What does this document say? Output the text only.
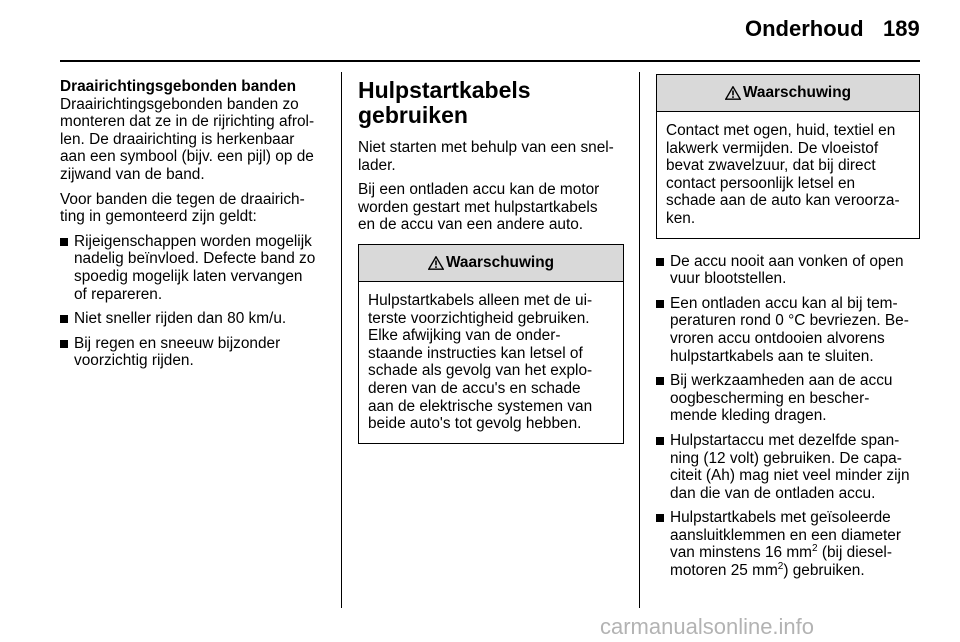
Onderhoud 189

Draairichtingsgebonden banden

Draairichtingsgebonden banden zo
monteren dat ze in de rijrichting afrol-
len. De draairichting is herkenbaar
aan een symbool (bijv. een pijl) op de
zijwand van de band.

Voor banden die tegen de draairich-
ting in gemonteerd zijn geldt:

Rijeigenschappen worden mogelijk
nadelig beïnvloed. Defecte band zo
spoedig mogelijk laten vervangen
of repareren.
Niet sneller rijden dan 80 km/u.
Bij regen en sneeuw bijzonder
voorzichtig rijden.
Hulpstartkabels
gebruiken

Niet starten met behulp van een snel-
lader.

Bij een ontladen accu kan de motor
worden gestart met hulpstartkabels
en de accu van een andere auto.

Waarschuwing
Hulpstartkabels alleen met de ui-
terste voorzichtigheid gebruiken.
Elke afwijking van de onder-
staande instructies kan letsel of
schade als gevolg van het explo-
deren van de accu's en schade
aan de elektrische systemen van
beide auto's tot gevolg hebben.
Waarschuwing
Contact met ogen, huid, textiel en
lakwerk vermijden. De vloeistof
bevat zwavelzuur, dat bij direct
contact persoonlijk letsel en
schade aan de auto kan veroorza-
ken.
De accu nooit aan vonken of open
vuur blootstellen.
Een ontladen accu kan al bij tem-
peraturen rond 0 °C bevriezen. Be-
vroren accu ontdooien alvorens
hulpstartkabels aan te sluiten.
Bij werkzaamheden aan de accu
oogbescherming en bescher-
mende kleding dragen.
Hulpstartaccu met dezelfde span-
ning (12 volt) gebruiken. De capa-
citeit (Ah) mag niet veel minder zijn
dan die van de ontladen accu.
Hulpstartkabels met geïsoleerde
aansluitklemmen en een diameter
van minstens 16 $mm^2$ (bij diesel-
motoren 25 $mm^2$) gebruiken.
carmanualsonline.info
